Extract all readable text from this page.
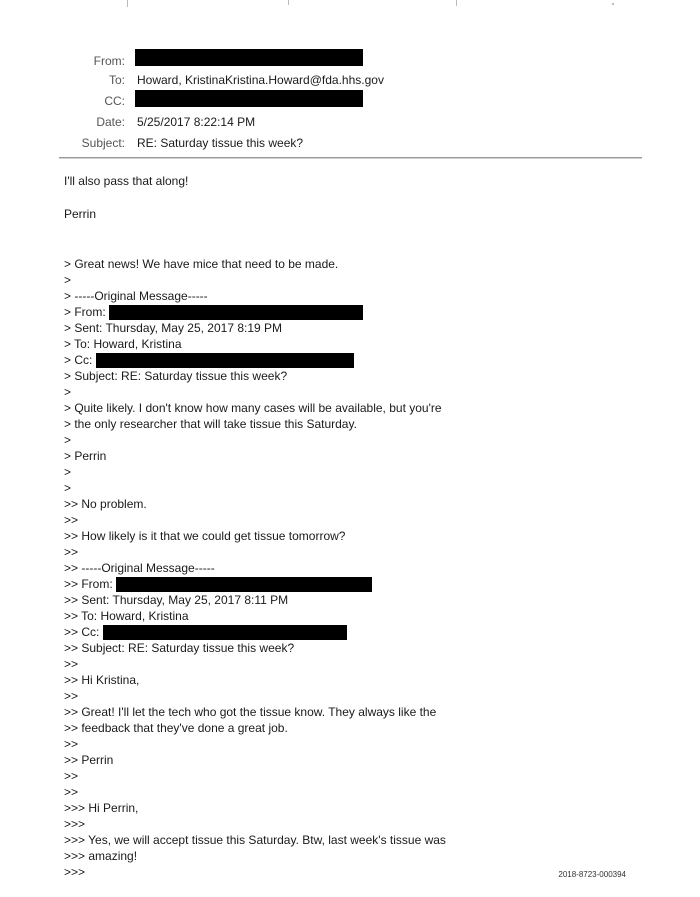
From:
To: Howard, KristinaKristina.Howard@fda.hhs.gov
CC:
Date: 5/25/2017 8:22:14 PM
Subject: RE: Saturday tissue this week?
I'll also pass that along!
Perrin
> Great news! We have mice that need to be made.
>
> -----Original Message-----
> From:
> Sent: Thursday, May 25, 2017 8:19 PM
> To: Howard, Kristina
> Cc:
> Subject: RE: Saturday tissue this week?
>
> Quite likely. I don't know how many cases will be available, but you're
> the only researcher that will take tissue this Saturday.
>
> Perrin
>
>
>> No problem.
>>
>> How likely is it that we could get tissue tomorrow?
>>
>> -----Original Message-----
>> From:
>> Sent: Thursday, May 25, 2017 8:11 PM
>> To: Howard, Kristina
>> Cc:
>> Subject: RE: Saturday tissue this week?
>>
>> Hi Kristina,
>>
>> Great! I'll let the tech who got the tissue know. They always like the
>> feedback that they've done a great job.
>>
>> Perrin
>>
>>
>>> Hi Perrin,
>>>
>>> Yes, we will accept tissue this Saturday. Btw, last week's tissue was
>>> amazing!
>>>	2018-8723-000394
